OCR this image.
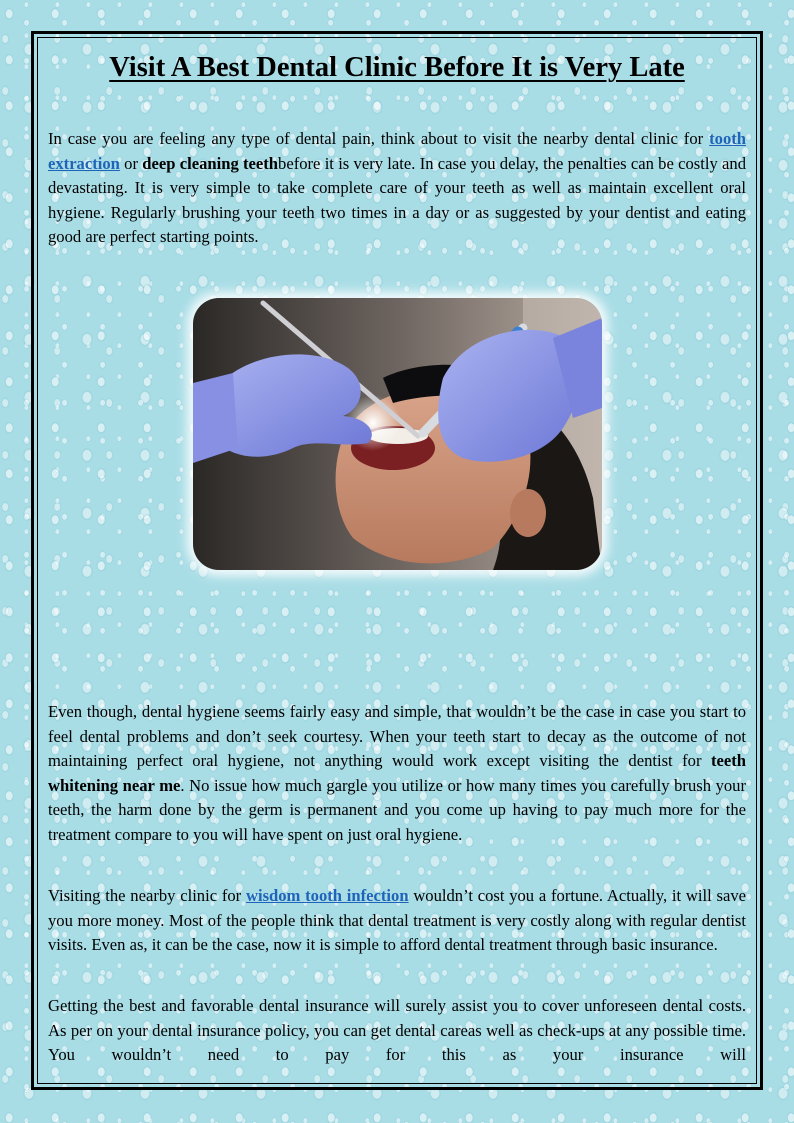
Visit A Best Dental Clinic Before It is Very Late

In case you are feeling any type of dental pain, think about to visit the nearby dental clinic for tooth extraction or deep cleaning teethbefore it is very late. In case you delay, the penalties can be costly and devastating. It is very simple to take complete care of your teeth as well as maintain excellent oral hygiene. Regularly brushing your teeth two times in a day or as suggested by your dentist and eating good are perfect starting points.

Even though, dental hygiene seems fairly easy and simple, that wouldn’t be the case in case you start to feel dental problems and don’t seek courtesy. When your teeth start to decay as the outcome of not maintaining perfect oral hygiene, not anything would work except visiting the dentist for teeth whitening near me. No issue how much gargle you utilize or how many times you carefully brush your teeth, the harm done by the germ is permanent and you come up having to pay much more for the treatment compare to you will have spent on just oral hygiene.

Visiting the nearby clinic for wisdom tooth infection wouldn’t cost you a fortune. Actually, it will save you more money. Most of the people think that dental treatment is very costly along with regular dentist visits. Even as, it can be the case, now it is simple to afford dental treatment through basic insurance.

Getting the best and favorable dental insurance will surely assist you to cover unforeseen dental costs. As per on your dental insurance policy, you can get dental careas well as check-ups at any possible time. You wouldn’t need to pay for this as your insurance will
